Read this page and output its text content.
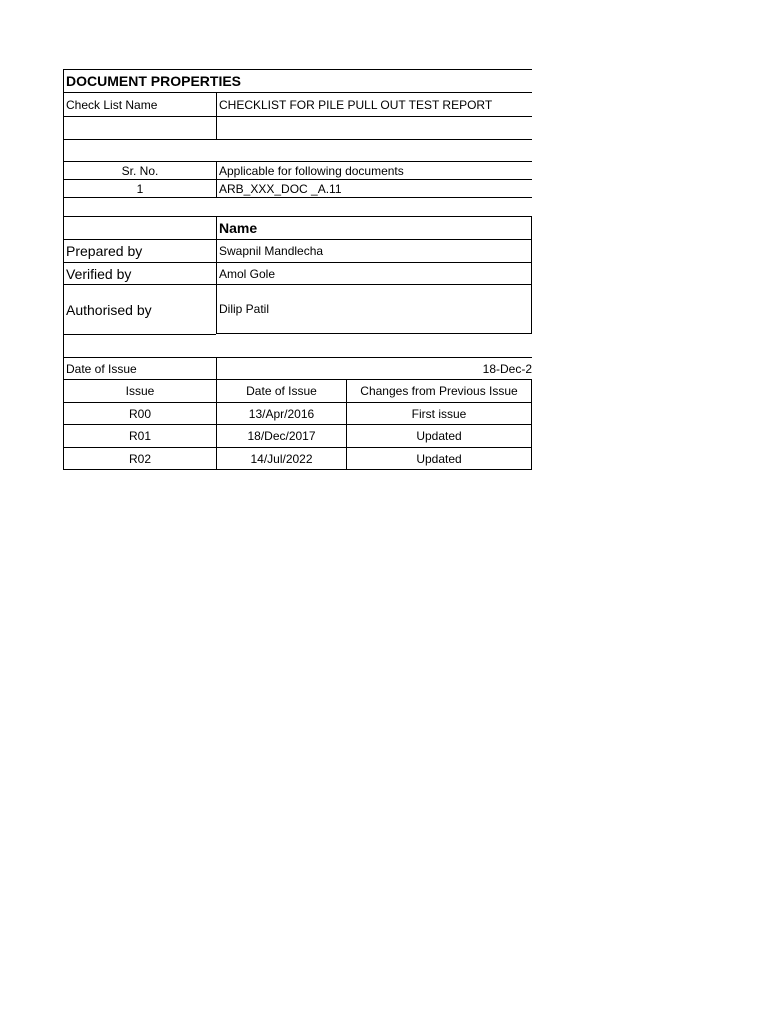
DOCUMENT PROPERTIES
Check List Name	CHECKLIST FOR PILE PULL OUT TEST REPORT
Sr. No.	Applicable for following documents
1	ARB_XXX_DOC _A.11
Name
Prepared by	Swapnil Mandlecha
Verified by	Amol Gole
Authorised by	Dilip Patil
Date of Issue	18-Dec-2
Issue	Date of Issue	Changes from Previous Issue
R00	13/Apr/2016	First issue
R01	18/Dec/2017	Updated
R02	14/Jul/2022	Updated
